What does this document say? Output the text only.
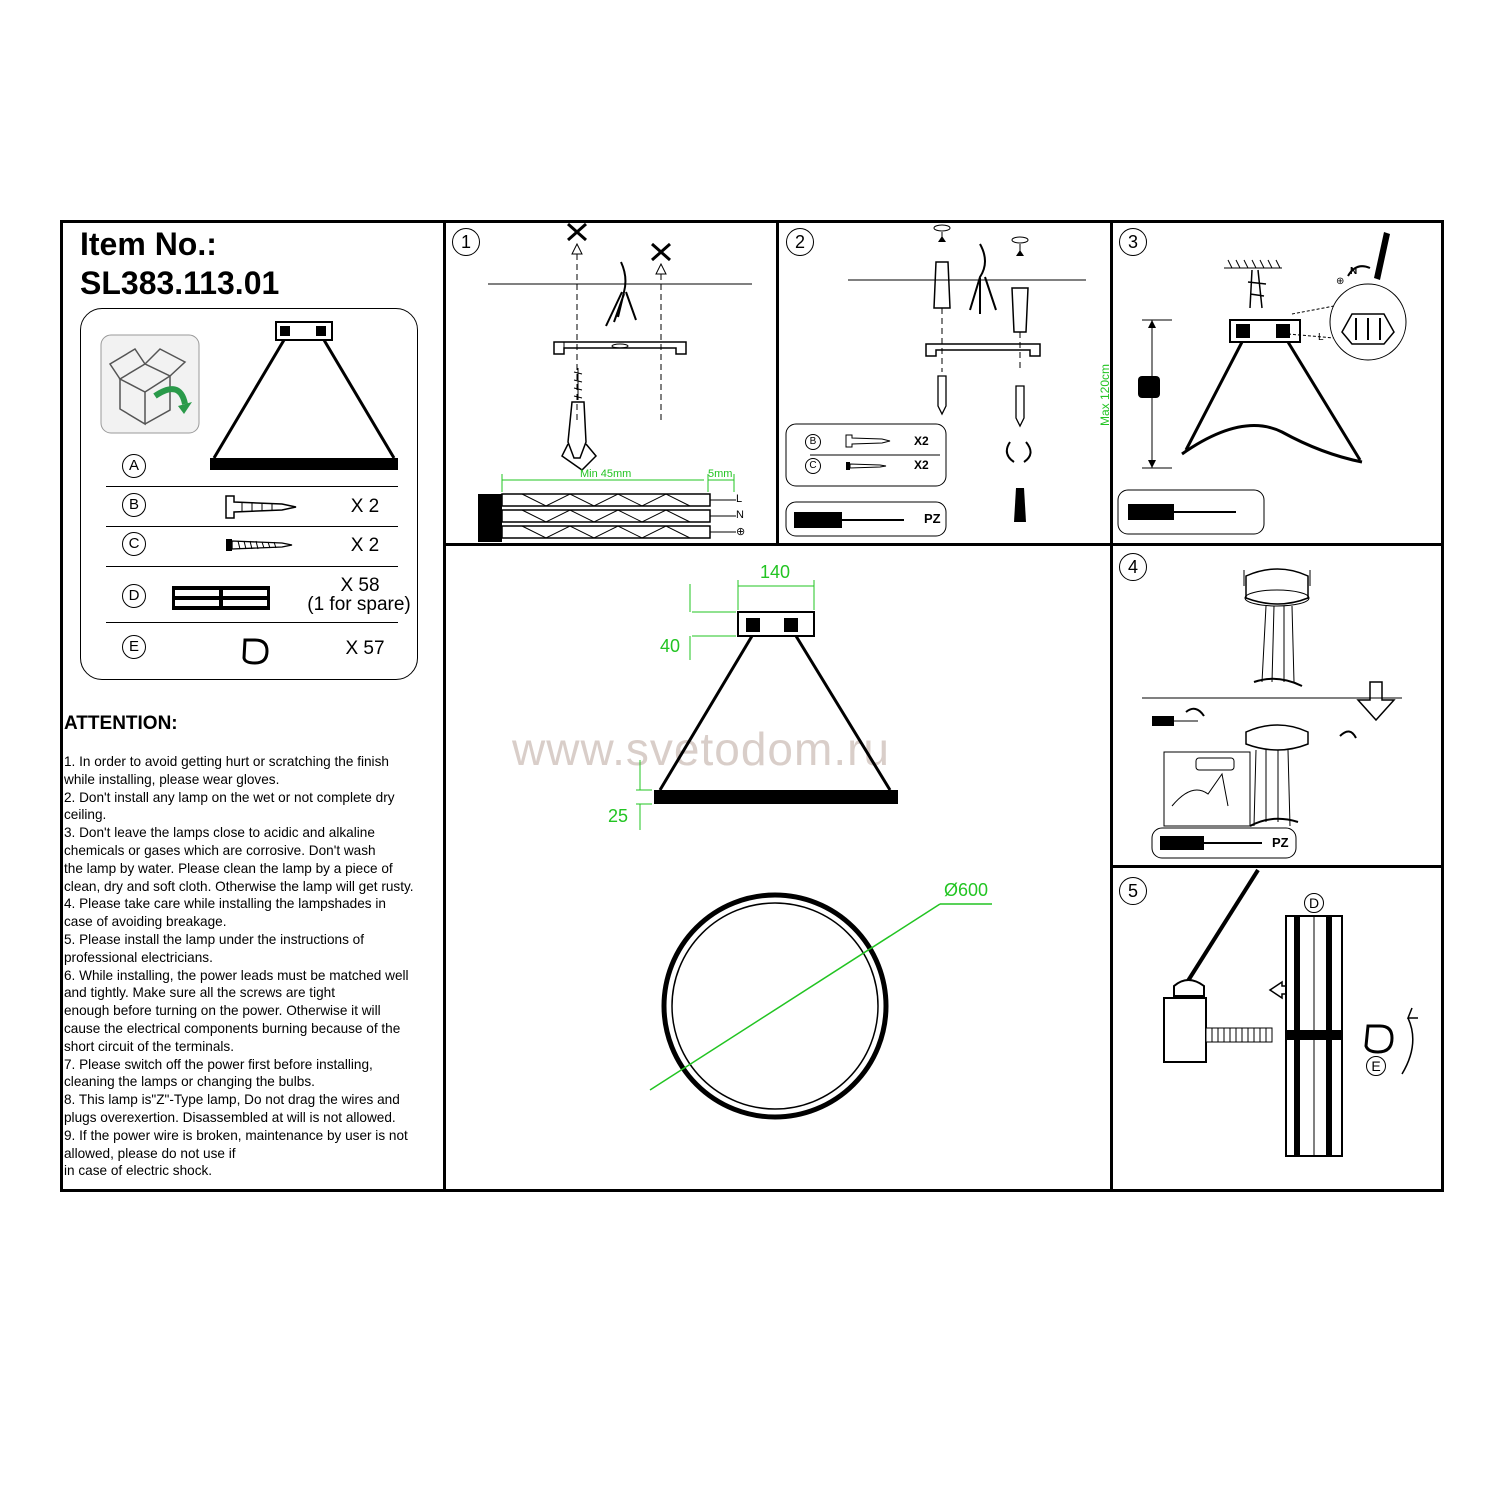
Item No.:
SL383.113.01
A
B	X 2
C	X 2
D	X 58
(1 for spare)
E	X 57
ATTENTION:

1. In order to avoid getting hurt or scratching the finish

while installing, please wear gloves.

2. Don't install any lamp on the wet or not complete dry

ceiling.

3. Don't leave the lamps close to acidic and alkaline

chemicals or gases which are corrosive. Don't wash

the lamp by water. Please clean the lamp by a piece of

clean, dry and soft cloth. Otherwise the lamp will get rusty.

4. Please take care while installing the lampshades in

case of avoiding breakage.

5. Please install the lamp under the instructions of

professional electricians.

6. While installing, the power leads must be matched well

and tightly. Make sure all the screws are tight

enough before turning on the power. Otherwise it will

cause the electrical components burning because of the

short circuit of the terminals.

7. Please switch off the power first before installing,

cleaning the lamps or changing the bulbs.

8. This lamp is"Z"-Type lamp, Do not drag the wires and

plugs overexertion. Disassembled at will is not allowed.

9. If the power wire is broken, maintenance by user is not

allowed, please do not use if

in case of electric shock.

1
Min 45mm	5mm
L
N
⊕
2
B	X2
C	X2
PZ
3
Max 120cm
⊕
N
L
www.svetodom.ru
140
40
25
Ø600
4
PZ
5
D
E
